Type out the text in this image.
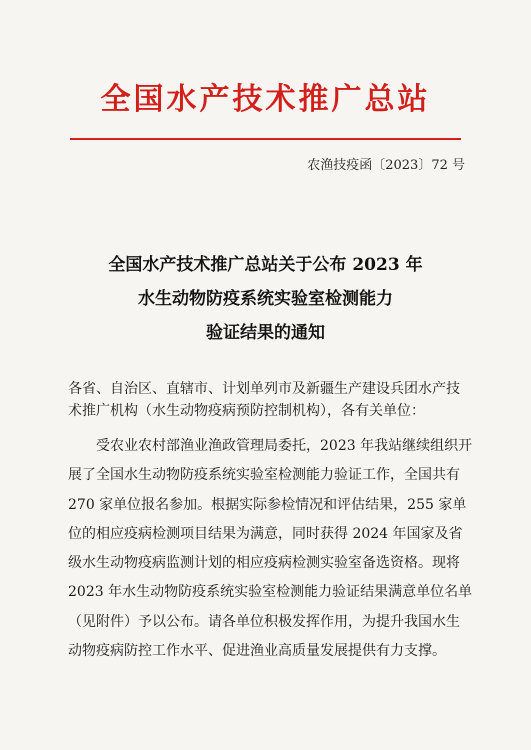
全国水产技术推广总站
农渔技疫函〔2023〕72 号
全国水产技术推广总站关于公布 2023 年
水生动物防疫系统实验室检测能力
验证结果的通知
各省、自治区、直辖市、计划单列市及新疆生产建设兵团水产技
术推广机构（水生动物疫病预防控制机构），各有关单位：
　　受农业农村部渔业渔政管理局委托，2023 年我站继续组织开
展了全国水生动物防疫系统实验室检测能力验证工作，全国共有
270 家单位报名参加。根据实际参检情况和评估结果，255 家单
位的相应疫病检测项目结果为满意，同时获得 2024 年国家及省
级水生动物疫病监测计划的相应疫病检测实验室备选资格。现将
2023 年水生动物防疫系统实验室检测能力验证结果满意单位名单
（见附件）予以公布。请各单位积极发挥作用，为提升我国水生
动物疫病防控工作水平、促进渔业高质量发展提供有力支撑。
